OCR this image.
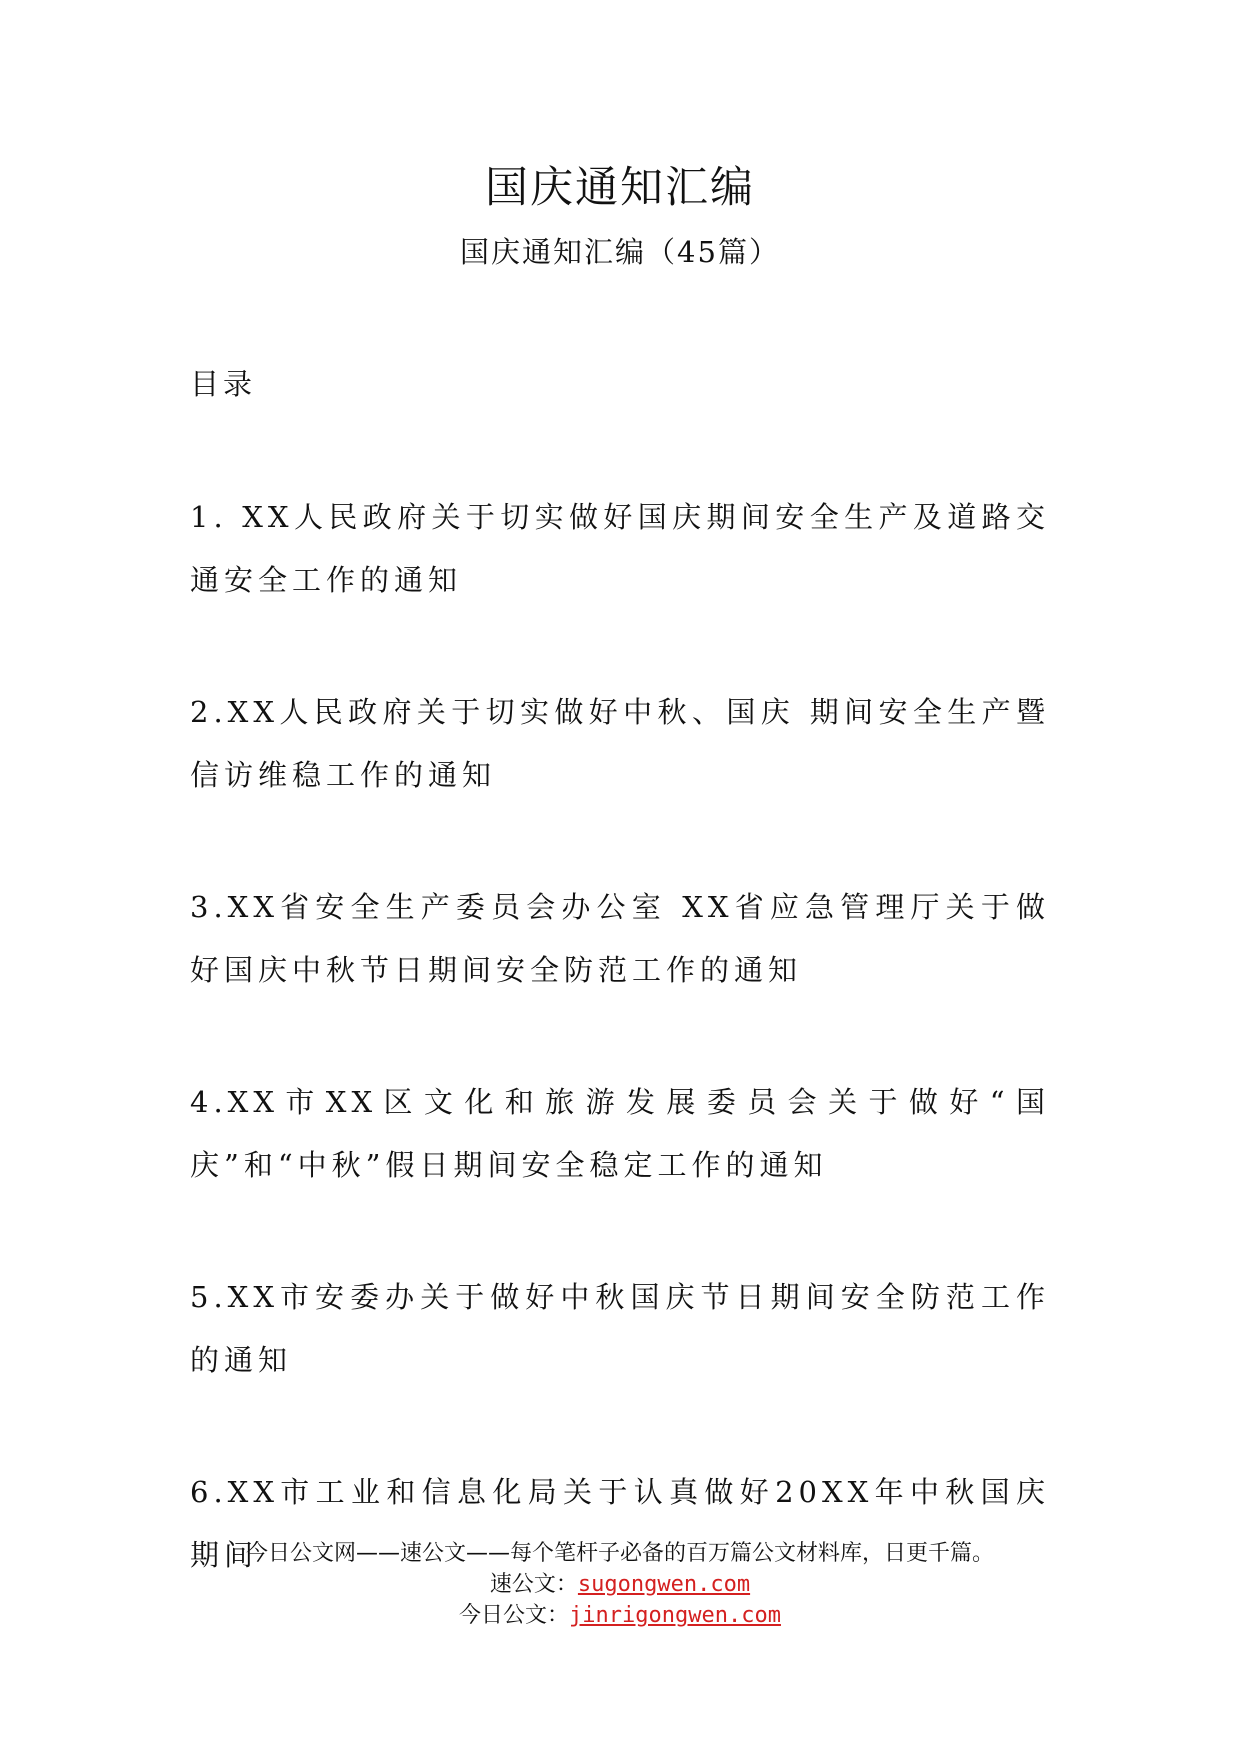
国庆通知汇编
国庆通知汇编（45篇）
目录
1. XX人民政府关于切实做好国庆期间安全生产及道路交通安全工作的通知
2.XX人民政府关于切实做好中秋、国庆 期间安全生产暨信访维稳工作的通知
3.XX省安全生产委员会办公室 XX省应急管理厅关于做好国庆中秋节日期间安全防范工作的通知
4.XX市XX区文化和旅游发展委员会关于做好“国庆”和“中秋”假日期间安全稳定工作的通知
5.XX市安委办关于做好中秋国庆节日期间安全防范工作的通知
6.XX市工业和信息化局关于认真做好20XX年中秋国庆期间
今日公文网——速公文——每个笔杆子必备的百万篇公文材料库，日更千篇。
速公文：sugongwen.com
今日公文：jinrigongwen.com
